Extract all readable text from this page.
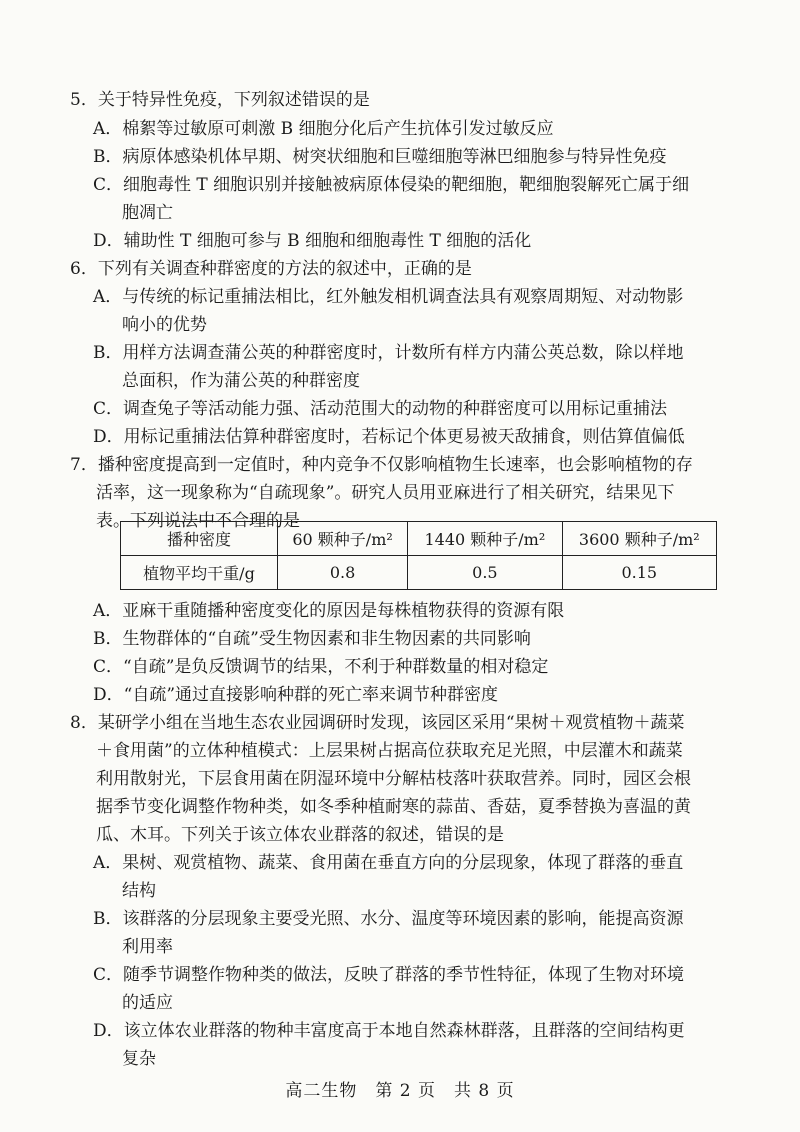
5．关于特异性免疫，下列叙述错误的是
A．棉絮等过敏原可刺激 B 细胞分化后产生抗体引发过敏反应
B．病原体感染机体早期、树突状细胞和巨噬细胞等淋巴细胞参与特异性免疫
C．细胞毒性 T 细胞识别并接触被病原体侵染的靶细胞，靶细胞裂解死亡属于细
胞凋亡
D．辅助性 T 细胞可参与 B 细胞和细胞毒性 T 细胞的活化
6．下列有关调查种群密度的方法的叙述中，正确的是
A．与传统的标记重捕法相比，红外触发相机调查法具有观察周期短、对动物影
响小的优势
B．用样方法调查蒲公英的种群密度时，计数所有样方内蒲公英总数，除以样地
总面积，作为蒲公英的种群密度
C．调查兔子等活动能力强、活动范围大的动物的种群密度可以用标记重捕法
D．用标记重捕法估算种群密度时，若标记个体更易被天敌捕食，则估算值偏低
7．播种密度提高到一定值时，种内竞争不仅影响植物生长速率，也会影响植物的存
活率，这一现象称为“自疏现象”。研究人员用亚麻进行了相关研究，结果见下
表。下列说法中不合理的是
播种密度	60 颗种子/m²	1440 颗种子/m²	3600 颗种子/m²
植物平均干重/g	0.8	0.5	0.15
A．亚麻干重随播种密度变化的原因是每株植物获得的资源有限
B．生物群体的“自疏”受生物因素和非生物因素的共同影响
C．“自疏”是负反馈调节的结果，不利于种群数量的相对稳定
D．“自疏”通过直接影响种群的死亡率来调节种群密度
8．某研学小组在当地生态农业园调研时发现，该园区采用“果树＋观赏植物＋蔬菜
＋食用菌”的立体种植模式：上层果树占据高位获取充足光照，中层灌木和蔬菜
利用散射光，下层食用菌在阴湿环境中分解枯枝落叶获取营养。同时，园区会根
据季节变化调整作物种类，如冬季种植耐寒的蒜苗、香菇，夏季替换为喜温的黄
瓜、木耳。下列关于该立体农业群落的叙述，错误的是
A．果树、观赏植物、蔬菜、食用菌在垂直方向的分层现象，体现了群落的垂直
结构
B．该群落的分层现象主要受光照、水分、温度等环境因素的影响，能提高资源
利用率
C．随季节调整作物种类的做法，反映了群落的季节性特征，体现了生物对环境
的适应
D．该立体农业群落的物种丰富度高于本地自然森林群落，且群落的空间结构更
复杂
高二生物　第 2 页　共 8 页
